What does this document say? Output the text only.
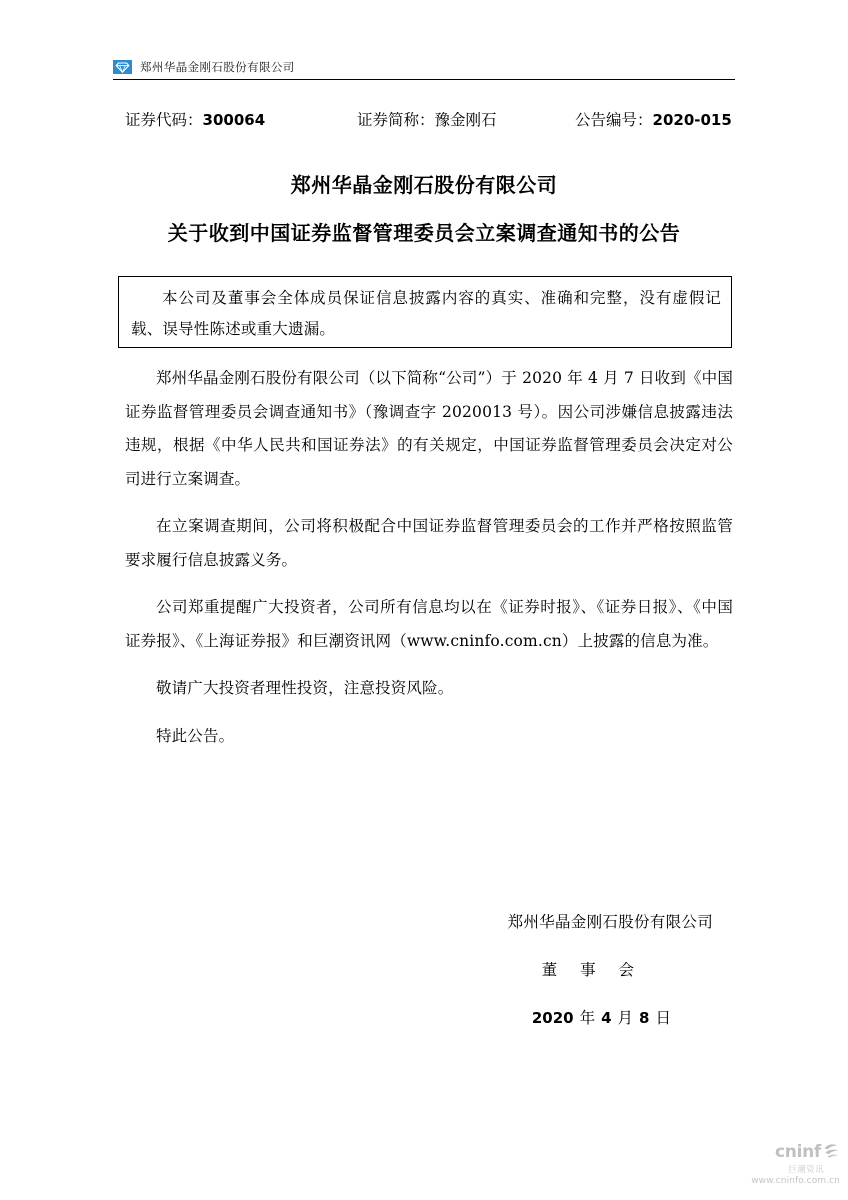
郑州华晶金刚石股份有限公司
证券代码：300064	证券简称：豫金刚石	公告编号：2020-015
郑州华晶金刚石股份有限公司
关于收到中国证券监督管理委员会立案调查通知书的公告
本公司及董事会全体成员保证信息披露内容的真实、准确和完整，没有虚假记载、误导性陈述或重大遗漏。

郑州华晶金刚石股份有限公司（以下简称“公司”）于 2020 年 4 月 7 日收到《中国证券监督管理委员会调查通知书》（豫调查字 2020013 号）。因公司涉嫌信息披露违法违规，根据《中华人民共和国证券法》的有关规定，中国证券监督管理委员会决定对公司进行立案调查。

在立案调查期间，公司将积极配合中国证券监督管理委员会的工作并严格按照监管要求履行信息披露义务。

公司郑重提醒广大投资者，公司所有信息均以在《证券时报》、《证券日报》、《中国证券报》、《上海证券报》和巨潮资讯网（www.cninfo.com.cn）上披露的信息为准。

敬请广大投资者理性投资，注意投资风险。

特此公告。

郑州华晶金刚石股份有限公司
董 事 会
2020 年 4 月 8 日
cninf
巨潮资讯
www.cninfo.com.cn
